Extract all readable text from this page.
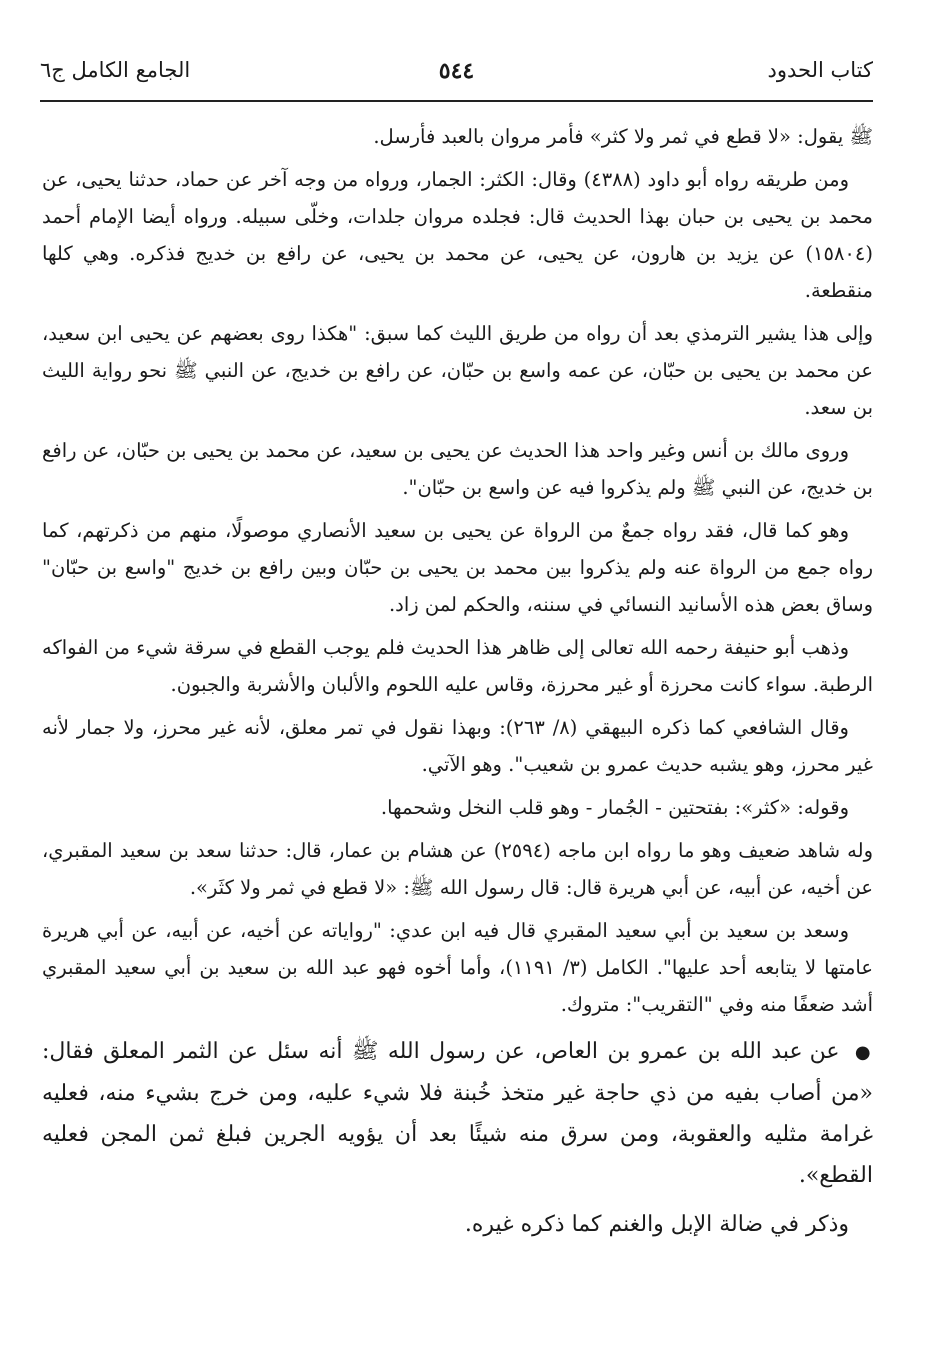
كتاب الحدود
٥٤٤
الجامع الكامل ج٦

ﷺ يقول: «لا قطع في ثمر ولا كثر» فأمر مروان بالعبد فأرسل.

ومن طريقه رواه أبو داود (٤٣٨٨) وقال: الكثر: الجمار، ورواه من وجه آخر عن حماد، حدثنا يحيى، عن محمد بن يحيى بن حبان بهذا الحديث قال: فجلده مروان جلدات، وخلّى سبيله. ورواه أيضا الإمام أحمد (١٥٨٠٤) عن يزيد بن هارون، عن يحيى، عن محمد بن يحيى، عن رافع بن خديج فذكره. وهي كلها منقطعة.

وإلى هذا يشير الترمذي بعد أن رواه من طريق الليث كما سبق: "هكذا روى بعضهم عن يحيى ابن سعيد، عن محمد بن يحيى بن حبّان، عن عمه واسع بن حبّان، عن رافع بن خديج، عن النبي ﷺ نحو رواية الليث بن سعد.

وروى مالك بن أنس وغير واحد هذا الحديث عن يحيى بن سعيد، عن محمد بن يحيى بن حبّان، عن رافع بن خديج، عن النبي ﷺ ولم يذكروا فيه عن واسع بن حبّان".

وهو كما قال، فقد رواه جمعٌ من الرواة عن يحيى بن سعيد الأنصاري موصولًا، منهم من ذكرتهم، كما رواه جمع من الرواة عنه ولم يذكروا بين محمد بن يحيى بن حبّان وبين رافع بن خديج "واسع بن حبّان" وساق بعض هذه الأسانيد النسائي في سننه، والحكم لمن زاد.

وذهب أبو حنيفة رحمه الله تعالى إلى ظاهر هذا الحديث فلم يوجب القطع في سرقة شيء من الفواكه الرطبة. سواء كانت محرزة أو غير محرزة، وقاس عليه اللحوم والألبان والأشربة والجبون.

وقال الشافعي كما ذكره البيهقي (٨/ ٢٦٣): وبهذا نقول في تمر معلق، لأنه غير محرز، ولا جمار لأنه غير محرز، وهو يشبه حديث عمرو بن شعيب". وهو الآتي.

وقوله: «كثر»: بفتحتين - الجُمار - وهو قلب النخل وشحمها.

وله شاهد ضعيف وهو ما رواه ابن ماجه (٢٥٩٤) عن هشام بن عمار، قال: حدثنا سعد بن سعيد المقبري، عن أخيه، عن أبيه، عن أبي هريرة قال: قال رسول الله ﷺ: «لا قطع في ثمر ولا كثَر».

وسعد بن سعيد بن أبي سعيد المقبري قال فيه ابن عدي: "رواياته عن أخيه، عن أبيه، عن أبي هريرة عامتها لا يتابعه أحد عليها". الكامل (٣/ ١١٩١)، وأما أخوه فهو عبد الله بن سعيد بن أبي سعيد المقبري أشد ضعفًا منه وفي "التقريب": متروك.

● عن عبد الله بن عمرو بن العاص، عن رسول الله ﷺ أنه سئل عن الثمر المعلق فقال: «من أصاب بفيه من ذي حاجة غير متخذ خُبنة فلا شيء عليه، ومن خرج بشيء منه، فعليه غرامة مثليه والعقوبة، ومن سرق منه شيئًا بعد أن يؤويه الجرين فبلغ ثمن المجن فعليه القطع».

وذكر في ضالة الإبل والغنم كما ذكره غيره.
